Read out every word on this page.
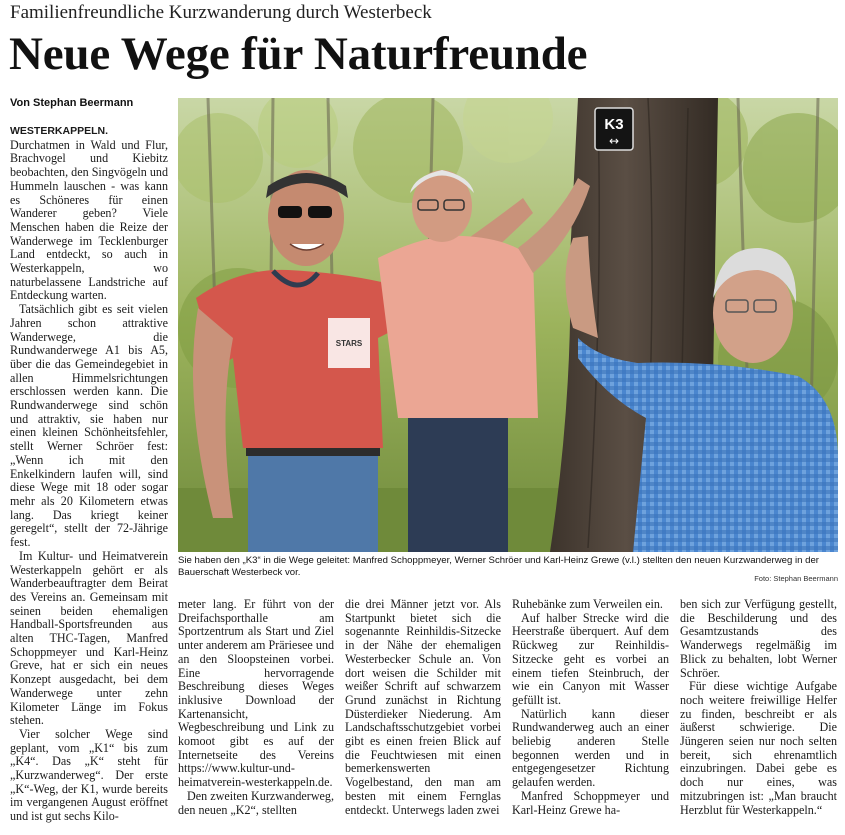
Familienfreundliche Kurzwanderung durch Westerbeck
Neue Wege für Naturfreunde
Von Stephan Beermann
K3
↔
STARS
Sie haben den „K3“ in die Wege geleitet: Manfred Schoppmeyer, Werner Schröer und Karl-Heinz Grewe (v.l.) stellten den neuen Kurzwanderweg in der Bauerschaft Westerbeck vor.
Foto: Stephan Beermann

WESTERKAPPELN. Durchatmen in Wald und Flur, Brachvogel und Kiebitz beobachten, den Singvögeln und Hummeln lauschen - was kann es Schöneres für einen Wanderer geben? Viele Menschen haben die Reize der Wanderwege im Tecklenburger Land entdeckt, so auch in Westerkappeln, wo naturbelassene Landstriche auf Entdeckung warten.

Tatsächlich gibt es seit vielen Jahren schon attraktive Wanderwege, die Rundwanderwege A1 bis A5, über die das Gemeindegebiet in allen Himmelsrichtungen erschlossen werden kann. Die Rundwanderwege sind schön und attraktiv, sie haben nur einen kleinen Schönheitsfehler, stellt Werner Schröer fest: „Wenn ich mit den Enkelkindern laufen will, sind diese Wege mit 18 oder sogar mehr als 20 Kilometern etwas lang. Das kriegt keiner geregelt“, stellt der 72-Jährige fest.

Im Kultur- und Heimatverein Westerkappeln gehört er als Wanderbeauftragter dem Beirat des Vereins an. Gemeinsam mit seinen beiden ehemaligen Handball-Sportsfreunden aus alten THC-Tagen, Manfred Schoppmeyer und Karl-Heinz Greve, hat er sich ein neues Konzept ausgedacht, bei dem Wanderwege unter zehn Kilometer Länge im Fokus stehen.

Vier solcher Wege sind geplant, vom „K1“ bis zum „K4“. Das „K“ steht für „Kurzwanderweg“. Der erste „K“-Weg, der K1, wurde bereits im vergangenen August eröffnet und ist gut sechs Kilo-

meter lang. Er führt von der Dreifachsporthalle am Sportzentrum als Start und Ziel unter anderem am Präriesee und an den Sloopsteinen vorbei. Eine hervorragende Beschreibung dieses Weges inklusive Download der Kartenansicht, Wegbeschreibung und Link zu komoot gibt es auf der Internetseite des Vereins https://www.kultur-und-heimatverein-westerkappeln.de.

Den zweiten Kurzwanderweg, den neuen „K2“, stellten

die drei Männer jetzt vor. Als Startpunkt bietet sich die sogenannte Reinhildis-Sitzecke in der Nähe der ehemaligen Westerbecker Schule an. Von dort weisen die Schilder mit weißer Schrift auf schwarzem Grund zunächst in Richtung Düsterdieker Niederung. Am Landschaftsschutzgebiet vorbei gibt es einen freien Blick auf die Feuchtwiesen mit einen bemerkenswerten Vogelbestand, den man am besten mit einem Fernglas entdeckt. Unterwegs laden zwei

Ruhebänke zum Verweilen ein.

Auf halber Strecke wird die Heerstraße überquert. Auf dem Rückweg zur Reinhildis-Sitzecke geht es vorbei an einem tiefen Steinbruch, der wie ein Canyon mit Wasser gefüllt ist.

Natürlich kann dieser Rundwanderweg auch an einer beliebig anderen Stelle begonnen werden und in entgegengesetzer Richtung gelaufen werden.

Manfred Schoppmeyer und Karl-Heinz Grewe ha-

ben sich zur Verfügung gestellt, die Beschilderung und des Gesamtzustands des Wanderwegs regelmäßig im Blick zu behalten, lobt Werner Schröer.

Für diese wichtige Aufgabe noch weitere freiwillige Helfer zu finden, beschreibt er als äußerst schwierige. Die Jüngeren seien nur noch selten bereit, sich ehrenamtlich einzubringen. Dabei gebe es doch nur eines, was mitzubringen ist: „Man braucht Herzblut für Westerkappeln.“
